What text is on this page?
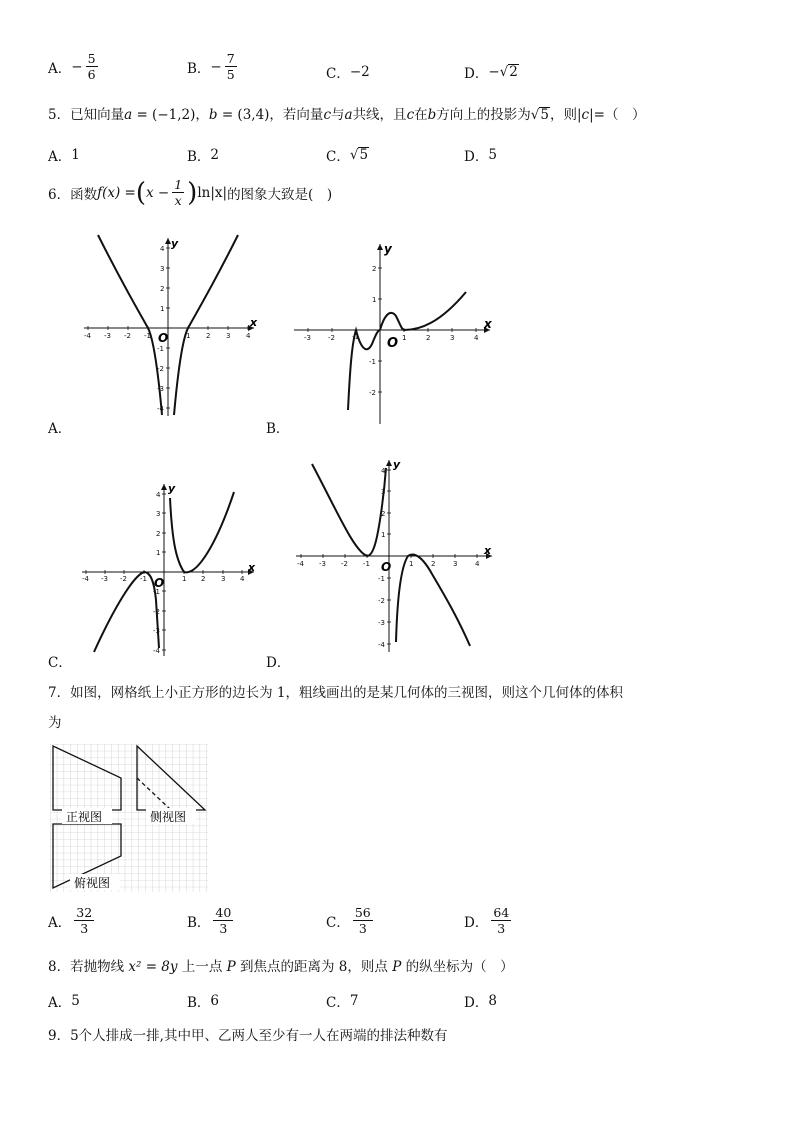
A． − $\frac{5}{6}$	B． − $\frac{7}{5}$	C． −2	D． − √ 2
5．已知向量a = (−1,2)，b = (3,4)，若向量c与a共线，且c在b方向上的投影为 √ 5 ，则|c|=（　）
A． 1	B． 2	C． √ 5	D． 5
6．函数 f (x) = ( $x - \frac{1}{x}$ ) ln|x| 的图象大致是(　)
-4 -3 -2 -1	1 2 3 4
4
3
2
1
-1
-2
-3
-4
x
y
O
A．
-3 -2 -1	2	3	4
2
1
-1
-2
1
x
y
O
B．
-4 -3 -2 -1	1 2 3 4
4
3
2
1
-1
-2
-3
-4
x
y
O
C．
-4 -3 -2 -1	1	2	3	4
4
3
2
1
-1
-2
-3
-4
x
y
O
D．
7．如图，网格纸上小正方形的边长为 1，粗线画出的是某几何体的三视图，则这个几何体的体积
为
正视图	侧视图
俯视图
A． $\frac{32}{3}$	B． $\frac{40}{3}$	C． $\frac{56}{3}$	D． $\frac{64}{3}$
8．若抛物线 x² = 8y 上一点 P 到焦点的距离为 8，则点 P 的纵坐标为（　）
A． 5	B． 6	C． 7	D． 8
9．5个人排成一排,其中甲、乙两人至少有一人在两端的排法种数有
